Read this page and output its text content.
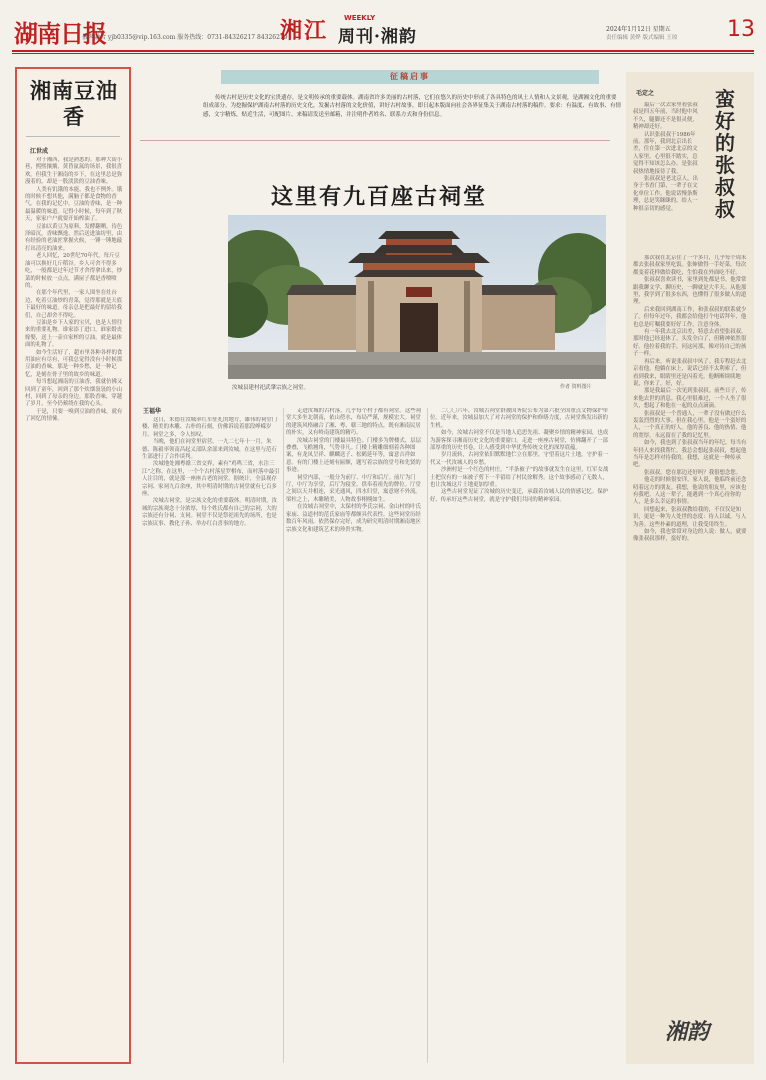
湖南日报
报网融合 yjb0335@vip.163.com 服务热线：0731-84326217 84326219
湘江 WEEKLY
周刊·湘韵	2024年1月12日 星期五
责任编辑 黄烨 版式编辑 王琼 13
湘南豆油香
江世成

对于湘西，我是熟悉的。那种大街小巷，熙熙攘攘，黄昏氤氲的场景，我很喜欢。但我生于湘南的乡下，在这里总是弥漫着的，却是一股淡淡的豆油香味。

人类有饥饿的本能，我也不例外。饿的时候不想其他，满脑子都是食物的香气。在我的记忆中，豆油的香味，是一种最温暖的味道。记得小时候，每年到了秋天，家家户户就要开始榨油了。

豆油以黄豆为原料，发酵翻晒，待色泽暗沉，香味飘逸，然后送进油坊里，由有经验的老油匠掌握火候，一锤一锤地敲打出清亮的油来。

老人回忆，20世纪70年代，每斤豆油可以换好几斤稻谷。乡人可舍不得多吃，一般都是过年过节才舍得拿出来，炒菜的时候放一点点，满屋子都是香喷喷的。

在那个年代里，一家人围坐在灶台边，吃着豆油炒的青菜，觉得那就是天底下最好的味道。母亲总是把最好的留给我们，自己却舍不得吃。

豆油是乡下人家的宝贝，也是人情往来的重要礼物。谁家添丁进口，谁家婚丧嫁娶，送上一壶自家榨的豆油，就是最体面的礼物了。

如今生活好了，超市里各种各样的食用油应有尽有，可我总觉得没有小时候那豆油的香味。那是一种乡愁，是一种记忆，是刻在骨子里的故乡的味道。

每当想起湘南的豆油香，我就仿佛又回到了童年，回到了那个炊烟袅袅的小山村，回到了母亲的身边。那股香味，穿越了岁月，至今仍萦绕在我的心头。

于是，只要一嗅到豆油的香味，就有了回忆的情愫。

征稿启事
传统古村是历史文化的宝贵遗存，是文明传承的重要载体。湖南省许多美丽的古村落，它们在悠久的历史中形成了各具特色的风土人情和人文景观，是湖湘文化的重要组成部分。为挖掘保护湖南古村落的历史文化，发掘古村落的文化价值，讲好古村故事，即日起本版面向社会各界征集关于湖南古村落的稿件。要求：有温度、有故事、有情感，文字精炼，贴近生活，可配图片。来稿请发送至邮箱，并注明作者姓名、联系方式和身份信息。
这里有九百座古祠堂
汝城县建村祀武肇宗族之祠堂。	作者 资料图片
王福华

这日，朱德在汝城率红军驻扎的地方，雄伟的祠堂门楼、精美的木雕、古朴的石刻，仿佛诉说着那段峥嵘岁月。祠堂之多，令人惊叹。

当晚，他们在祠堂里宿营。一九二七年十一月，朱德、陈毅率领南昌起义部队余部来到汝城，在这里与范石生部进行了合作谈判。

汝城地处湘粤赣三省交界，素有“鸡鸣三省，水注三江”之称。在这里，一个个古村落星罗棋布，而村落中最引人注目的，就是那一座座古老的祠堂。据统计，全县现存宗祠、家祠九百余座，其中明清时期的古祠堂就有七百多座。

汝城古祠堂，是宗族文化的重要载体。明清时期，汝城的宗族观念十分浓厚，每个姓氏都有自己的宗祠，大的宗族还有分祠、支祠。祠堂不仅是祭祀祖先的场所，也是宗族议事、教化子孙、举办红白喜事的地方。

走进汝城的古村落，几乎每个村子都有祠堂。这些祠堂大多坐北朝南，依山傍水，布局严谨，规模宏大。祠堂的建筑风格融合了湘、粤、赣三地的特点，既有湘南民居的朴实，又有岭南建筑的精巧。

汝城古祠堂的门楼最具特色。门楼多为牌楼式，层层叠叠，飞檐翘角，气势非凡。门楼上精雕细刻着各种图案，有龙凤呈祥、麒麟送子、松鹤延年等，寓意吉祥如意。有的门楼上还刻有匾额，题写着宗族的堂号和先贤的事迹。

祠堂内部，一般分为前厅、中厅和后厅。前厅为门厅，中厅为享堂，后厅为寝堂，供奉着祖先的牌位。厅堂之间以天井相连，采光通风，四水归堂，寓意财不外流。梁柱之上，木雕精美，人物故事栩栩如生。

在汝城古祠堂中，太保村的李氏宗祠、金山村的叶氏家庙、益道村的范氏家庙等都颇具代表性。这些祠堂历经数百年风雨，依然保存完好，成为研究明清时期湘南地区宗族文化和建筑艺术的珍贵实物。

二〇〇六年，汝城古祠堂群被国务院公布为第六批全国重点文物保护单位。近年来，汝城县加大了对古祠堂的保护和修缮力度，古祠堂焕发出新的生机。

如今，汝城古祠堂不仅是当地人追思先祖、凝聚乡情的精神家园，也成为游客探寻湘南历史文化的重要窗口。走进一座座古祠堂，仿佛翻开了一部部厚重的历史书卷，让人感受到中华优秀传统文化的深厚底蕴。

岁月流转，古祠堂依旧默默地伫立在那里，守望着这片土地，守护着一代又一代汝城人的乡愁。

沙洲村是一个红色的村庄。“半条被子”的故事就发生在这里，红军女战士把仅有的一床被子剪下一半留给了村民徐解秀。这个故事感动了无数人，也让汝城这片土地更加厚重。

这些古祠堂见证了汝城的历史变迁，承载着汝城人民的情感记忆。保护好、传承好这些古祠堂，就是守护我们共同的精神家园。

毛定之	蛮好的张叔叔

最后一次去家里看张叔叔是四五年前，当时他中风不久，腿脚还不是很灵便，精神却还好。

认识张叔叔于1986年前。那年，我到北京出长差，住在第一次进北京的文人家里，心里很不踏实，总觉得不知该怎么办。是张叔叔热情地接待了我。

张叔叔是老北京人，出身于书香门第，一辈子在文化单位工作。他说话慢条斯理，总是笑眯眯的，给人一种很亲切的感觉。

那次我在北京住了一个多月，几乎每个周末都去张叔叔家里吃饭。张婶做得一手好菜，每次都变着花样做给我吃，生怕我在外面吃不好。

张叔叔喜欢读书，家里到处都是书。他常常跟我聊文学、聊历史，一聊就是大半天。从他那里，我学到了很多东西，也懂得了很多做人的道理。

后来我回到湖南工作，和张叔叔的联系就少了。但每年过年，我都会给他打个电话拜年，他也总是叮嘱我要好好工作，注意身体。

有一年我去北京出差，特意去看望张叔叔。那时他已经退休了，头发全白了，但精神依然很好。他拉着我的手，问这问那，像对待自己的孩子一样。

再后来，听说张叔叔中风了。我专程赶去北京看他。他躺在床上，说话已经不太利索了，但看到我来，眼睛里还是闪着光。他断断续续地说，你来了，好，好。

那是我最后一次见到张叔叔。前些日子，传来他去世的消息。我心里很难过，一个人坐了很久，想起了和他在一起的点点滴滴。

张叔叔是一个普通人，一辈子没有做过什么轰轰烈烈的大事。但在我心里，他是一个蛮好的人，一个真正的好人。他的善良、他的热情、他的宽厚，永远留在了我的记忆里。

如今，我也到了张叔叔当年的年纪。每当有年轻人来找我帮忙，我总会想起张叔叔，想起他当年是怎样对待我的。我想，这就是一种传承吧。

张叔叔，您在那边还好吗？我很想念您。

他走的时候很安详，家人说，他临终前还念叨着远方的朋友。我想，他说的朋友里，应该也有我吧。人这一辈子，能遇到一个真心待你的人，是多么幸运的事情。

回想起来，张叔叔教给我的，不仅仅是知识，更是一种为人处世的态度：待人以诚，与人为善。这些朴素的道理，让我受用终生。

如今，我也常常对身边的人说：做人，就要像张叔叔那样，蛮好的。

湘韵
